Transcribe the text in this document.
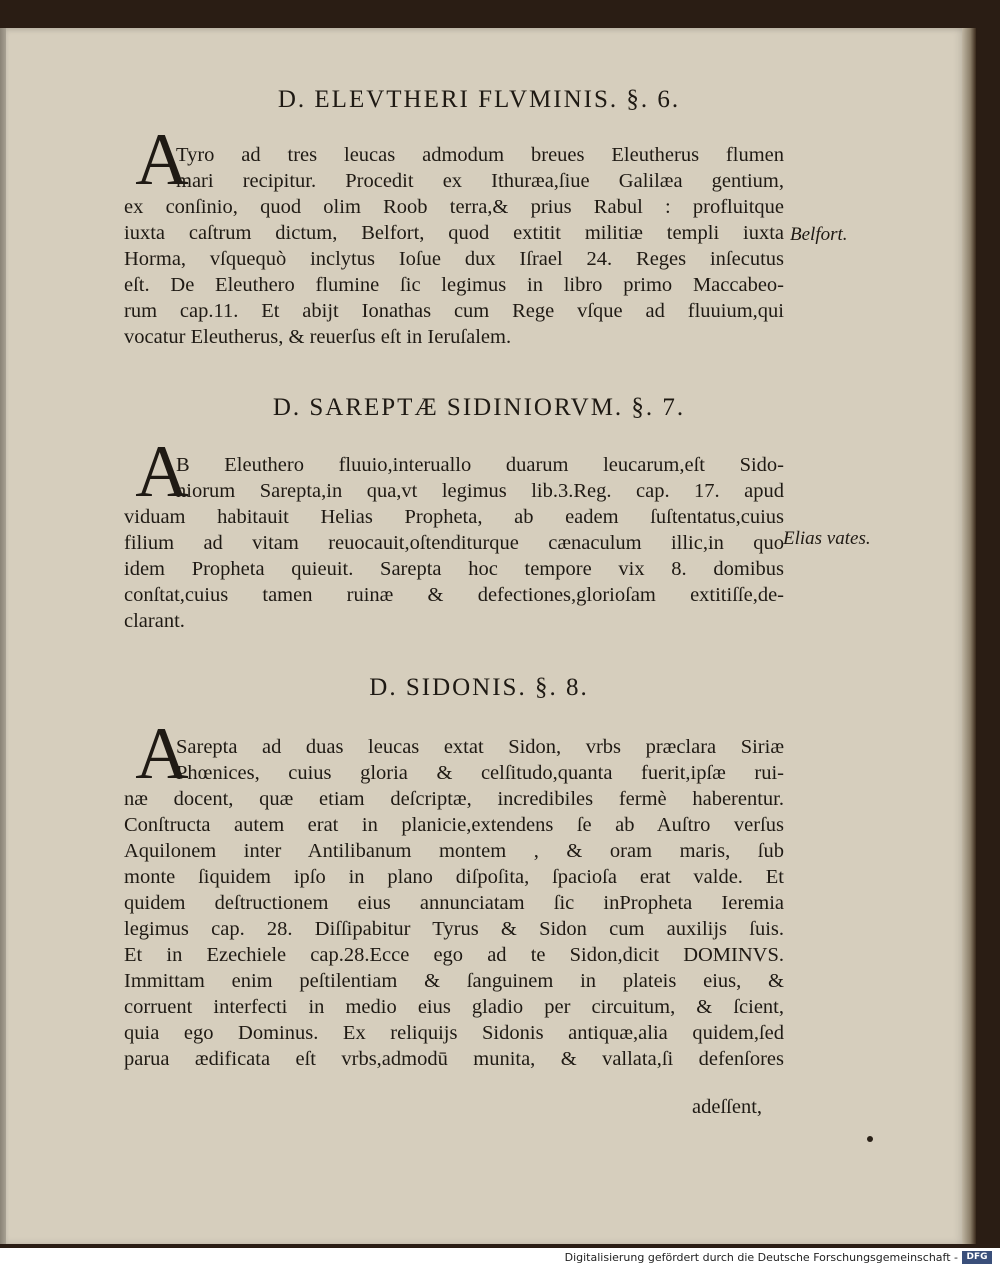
D. ELEVTHERI FLVMINIS. §. 6.
A
Tyro ad tres leucas admodum breues Eleutherus flumen
mari recipitur. Procedit ex Ithuræa,ſiue Galilæa gentium,
ex conſinio, quod olim Roob terra,& prius Rabul : profluitque
iuxta caſtrum dictum, Belfort, quod extitit militiæ templi iuxta
Horma, vſquequò inclytus Ioſue dux Iſrael 24. Reges inſecutus
eſt. De Eleuthero flumine ſic legimus in libro primo Maccabeo-
rum cap.11. Et abijt Ionathas cum Rege vſque ad fluuium,qui
vocatur Eleutherus, & reuerſus eſt in Ieruſalem.
Belfort.
D. SAREPTÆ SIDINIORVM. §. 7.
A
B Eleuthero fluuio,interuallo duarum leucarum,eſt Sido-
niorum Sarepta,in qua,vt legimus lib.3.Reg. cap. 17. apud
viduam habitauit Helias Propheta, ab eadem ſuſtentatus,cuius
filium ad vitam reuocauit,oſtenditurque cænaculum illic,in quo
idem Propheta quieuit. Sarepta hoc tempore vix 8. domibus
conſtat,cuius tamen ruinæ & defectiones,glorioſam extitiſſe,de-
clarant.
Elias vates.
D. SIDONIS. §. 8.
A
Sarepta ad duas leucas extat Sidon, vrbs præclara Siriæ
Phœnices, cuius gloria & celſitudo,quanta fuerit,ipſæ rui-
næ docent, quæ etiam deſcriptæ, incredibiles fermè haberentur.
Conſtructa autem erat in planicie,extendens ſe ab Auſtro verſus
Aquilonem inter Antilibanum montem , & oram maris, ſub
monte ſiquidem ipſo in plano diſpoſita, ſpacioſa erat valde. Et
quidem deſtructionem eius annunciatam ſic inPropheta Ieremia
legimus cap. 28. Diſſipabitur Tyrus & Sidon cum auxilijs ſuis.
Et in Ezechiele cap.28.Ecce ego ad te Sidon,dicit DOMINVS.
Immittam enim peſtilentiam & ſanguinem in plateis eius, &
corruent interfecti in medio eius gladio per circuitum, & ſcient,
quia ego Dominus. Ex reliquijs Sidonis antiquæ,alia quidem,ſed
parua ædificata eſt vrbs,admodū munita, & vallata,ſi defenſores
adeſſent,
Digitalisierung gefördert durch die Deutsche Forschungsgemeinschaft - DFG
